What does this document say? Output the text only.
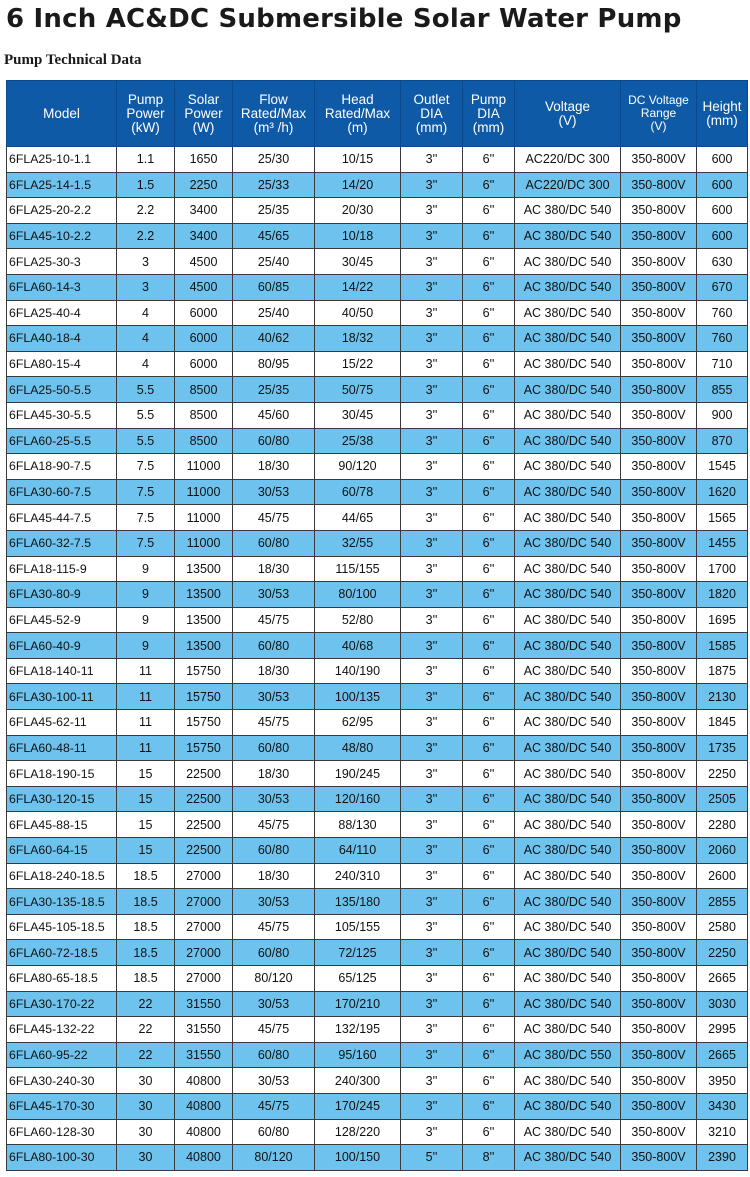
6 Inch AC&DC Submersible Solar Water Pump
Pump Technical Data
Model	Pump
Power
(kW)	Solar
Power
(W)	Flow
Rated/Max
(m³ /h)	Head
Rated/Max
(m)	Outlet
DIA
(mm)	Pump
DIA
(mm)	Voltage
(V)	DC Voltage
Range
(V)	Height
(mm)
6FLA25-10-1.1	1.1	1650	25/30	10/15	3''	6''	AC220/DC 300	350-800V	600
6FLA25-14-1.5	1.5	2250	25/33	14/20	3''	6''	AC220/DC 300	350-800V	600
6FLA25-20-2.2	2.2	3400	25/35	20/30	3''	6''	AC 380/DC 540	350-800V	600
6FLA45-10-2.2	2.2	3400	45/65	10/18	3''	6''	AC 380/DC 540	350-800V	600
6FLA25-30-3	3	4500	25/40	30/45	3''	6''	AC 380/DC 540	350-800V	630
6FLA60-14-3	3	4500	60/85	14/22	3''	6''	AC 380/DC 540	350-800V	670
6FLA25-40-4	4	6000	25/40	40/50	3''	6''	AC 380/DC 540	350-800V	760
6FLA40-18-4	4	6000	40/62	18/32	3''	6''	AC 380/DC 540	350-800V	760
6FLA80-15-4	4	6000	80/95	15/22	3''	6''	AC 380/DC 540	350-800V	710
6FLA25-50-5.5	5.5	8500	25/35	50/75	3''	6''	AC 380/DC 540	350-800V	855
6FLA45-30-5.5	5.5	8500	45/60	30/45	3''	6''	AC 380/DC 540	350-800V	900
6FLA60-25-5.5	5.5	8500	60/80	25/38	3''	6''	AC 380/DC 540	350-800V	870
6FLA18-90-7.5	7.5	11000	18/30	90/120	3''	6''	AC 380/DC 540	350-800V	1545
6FLA30-60-7.5	7.5	11000	30/53	60/78	3''	6''	AC 380/DC 540	350-800V	1620
6FLA45-44-7.5	7.5	11000	45/75	44/65	3''	6''	AC 380/DC 540	350-800V	1565
6FLA60-32-7.5	7.5	11000	60/80	32/55	3''	6''	AC 380/DC 540	350-800V	1455
6FLA18-115-9	9	13500	18/30	115/155	3''	6''	AC 380/DC 540	350-800V	1700
6FLA30-80-9	9	13500	30/53	80/100	3''	6''	AC 380/DC 540	350-800V	1820
6FLA45-52-9	9	13500	45/75	52/80	3''	6''	AC 380/DC 540	350-800V	1695
6FLA60-40-9	9	13500	60/80	40/68	3''	6''	AC 380/DC 540	350-800V	1585
6FLA18-140-11	11	15750	18/30	140/190	3''	6''	AC 380/DC 540	350-800V	1875
6FLA30-100-11	11	15750	30/53	100/135	3''	6''	AC 380/DC 540	350-800V	2130
6FLA45-62-11	11	15750	45/75	62/95	3''	6''	AC 380/DC 540	350-800V	1845
6FLA60-48-11	11	15750	60/80	48/80	3''	6''	AC 380/DC 540	350-800V	1735
6FLA18-190-15	15	22500	18/30	190/245	3''	6''	AC 380/DC 540	350-800V	2250
6FLA30-120-15	15	22500	30/53	120/160	3''	6''	AC 380/DC 540	350-800V	2505
6FLA45-88-15	15	22500	45/75	88/130	3''	6''	AC 380/DC 540	350-800V	2280
6FLA60-64-15	15	22500	60/80	64/110	3''	6''	AC 380/DC 540	350-800V	2060
6FLA18-240-18.5	18.5	27000	18/30	240/310	3''	6''	AC 380/DC 540	350-800V	2600
6FLA30-135-18.5	18.5	27000	30/53	135/180	3''	6''	AC 380/DC 540	350-800V	2855
6FLA45-105-18.5	18.5	27000	45/75	105/155	3''	6''	AC 380/DC 540	350-800V	2580
6FLA60-72-18.5	18.5	27000	60/80	72/125	3''	6''	AC 380/DC 540	350-800V	2250
6FLA80-65-18.5	18.5	27000	80/120	65/125	3''	6''	AC 380/DC 540	350-800V	2665
6FLA30-170-22	22	31550	30/53	170/210	3''	6''	AC 380/DC 540	350-800V	3030
6FLA45-132-22	22	31550	45/75	132/195	3''	6''	AC 380/DC 540	350-800V	2995
6FLA60-95-22	22	31550	60/80	95/160	3''	6''	AC 380/DC 550	350-800V	2665
6FLA30-240-30	30	40800	30/53	240/300	3''	6''	AC 380/DC 540	350-800V	3950
6FLA45-170-30	30	40800	45/75	170/245	3''	6''	AC 380/DC 540	350-800V	3430
6FLA60-128-30	30	40800	60/80	128/220	3''	6''	AC 380/DC 540	350-800V	3210
6FLA80-100-30	30	40800	80/120	100/150	5''	8''	AC 380/DC 540	350-800V	2390
